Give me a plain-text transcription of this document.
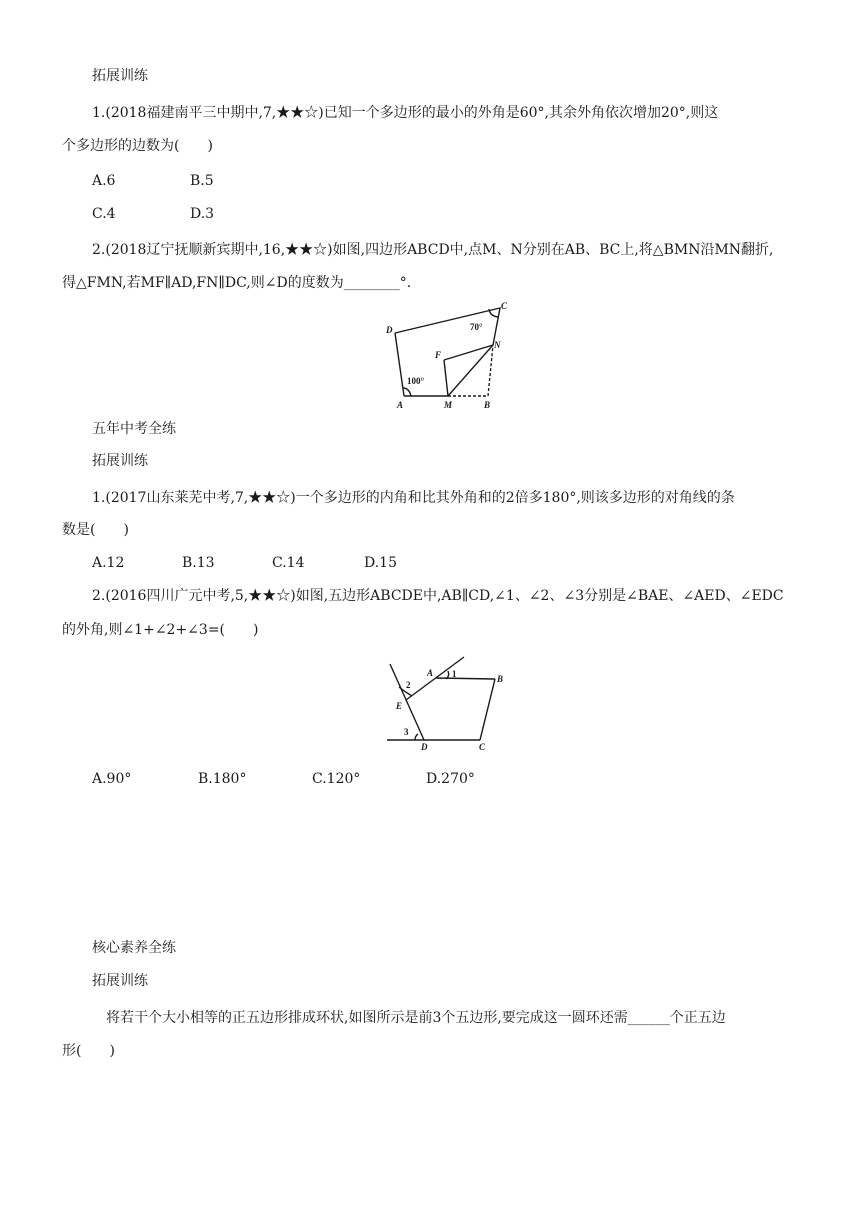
拓展训练
1.(2018福建南平三中期中,7,★★☆)已知一个多边形的最小的外角是60°,其余外角依次增加20°,则这
个多边形的边数为(　　)
A.6	B.5
C.4	D.3
2.(2018辽宁抚顺新宾期中,16,★★☆)如图,四边形ABCD中,点M、N分别在AB、BC上,将△BMN沿MN翻折,
得△FMN,若MF∥AD,FN∥DC,则∠D的度数为________°.
D
C
F
N
A	M	B
70°
100°
五年中考全练
拓展训练
1.(2017山东莱芜中考,7,★★☆)一个多边形的内角和比其外角和的2倍多180°,则该多边形的对角线的条
数是(　　)
A.12	B.13	C.14	D.15
2.(2016四川广元中考,5,★★☆)如图,五边形ABCDE中,AB∥CD,∠1、∠2、∠3分别是∠BAE、∠AED、∠EDC
的外角,则∠1+∠2+∠3=(　　)
A
B
C
D
E
1
2
3
A.90°	B.180°	C.120°	D.270°
核心素养全练
拓展训练
将若干个大小相等的正五边形排成环状,如图所示是前3个五边形,要完成这一圆环还需______个正五边
形(　　)
